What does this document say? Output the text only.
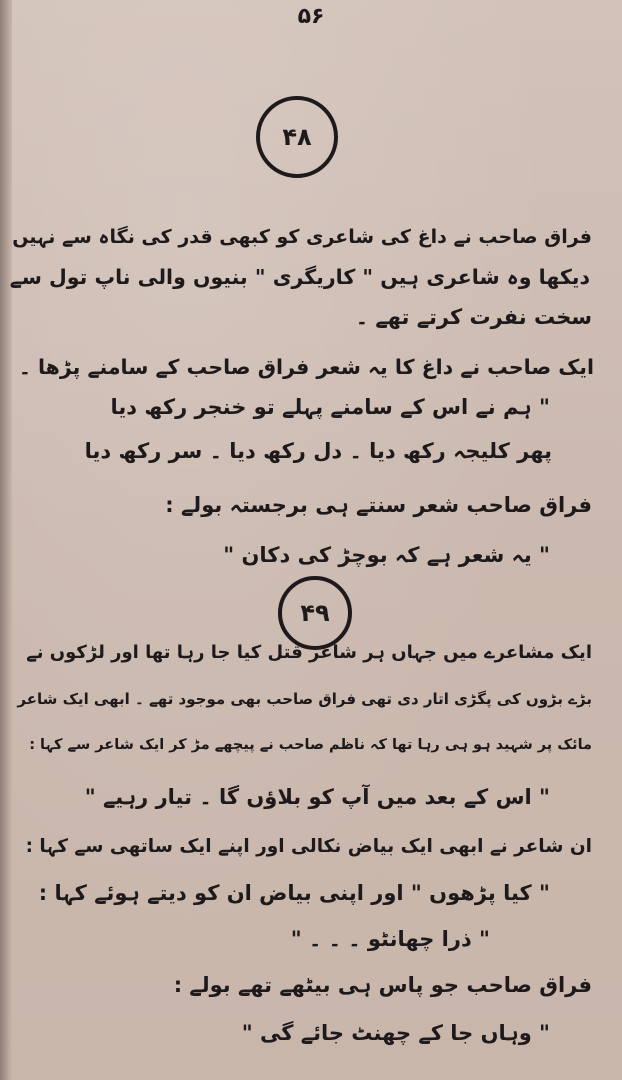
۵۶
۴۸
فراق صاحب نے داغ کی شاعری کو کبھی قدر کی نگاہ سے نہیں
دیکھا وہ شاعری ہیں " کاریگری " بنیوں والی ناپ تول سے
سخت نفرت کرتے تھے ۔
ایک صاحب نے داغ کا یہ شعر فراق صاحب کے سامنے پڑھا ۔
" ہم نے اس کے سامنے پہلے تو خنجر رکھ دیا
پھر کلیجہ رکھ دیا ۔ دل رکھ دیا ۔ سر رکھ دیا
فراق صاحب شعر سنتے ہی برجستہ بولے :
" یہ شعر ہے کہ بوچڑ کی دکان "
۴۹
ایک مشاعرے میں جہاں ہر شاعر قتل کیا جا رہا تھا اور لڑکوں نے
بڑے بڑوں کی پگڑی اتار دی تھی فراق صاحب بھی موجود تھے ۔ ابھی ایک شاعر
مائک پر شہید ہو ہی رہا تھا کہ ناظم صاحب نے پیچھے مڑ کر ایک شاعر سے کہا :
" اس کے بعد میں آپ کو بلاؤں گا ۔ تیار رہیے "
ان شاعر نے ابھی ایک بیاض نکالی اور اپنے ایک ساتھی سے کہا :
" کیا پڑھوں " اور اپنی بیاض ان کو دیتے ہوئے کہا :
" ذرا چھانٹو ۔ ۔ ۔ "
فراق صاحب جو پاس ہی بیٹھے تھے بولے :
" وہاں جا کے چھنٹ جائے گی "
